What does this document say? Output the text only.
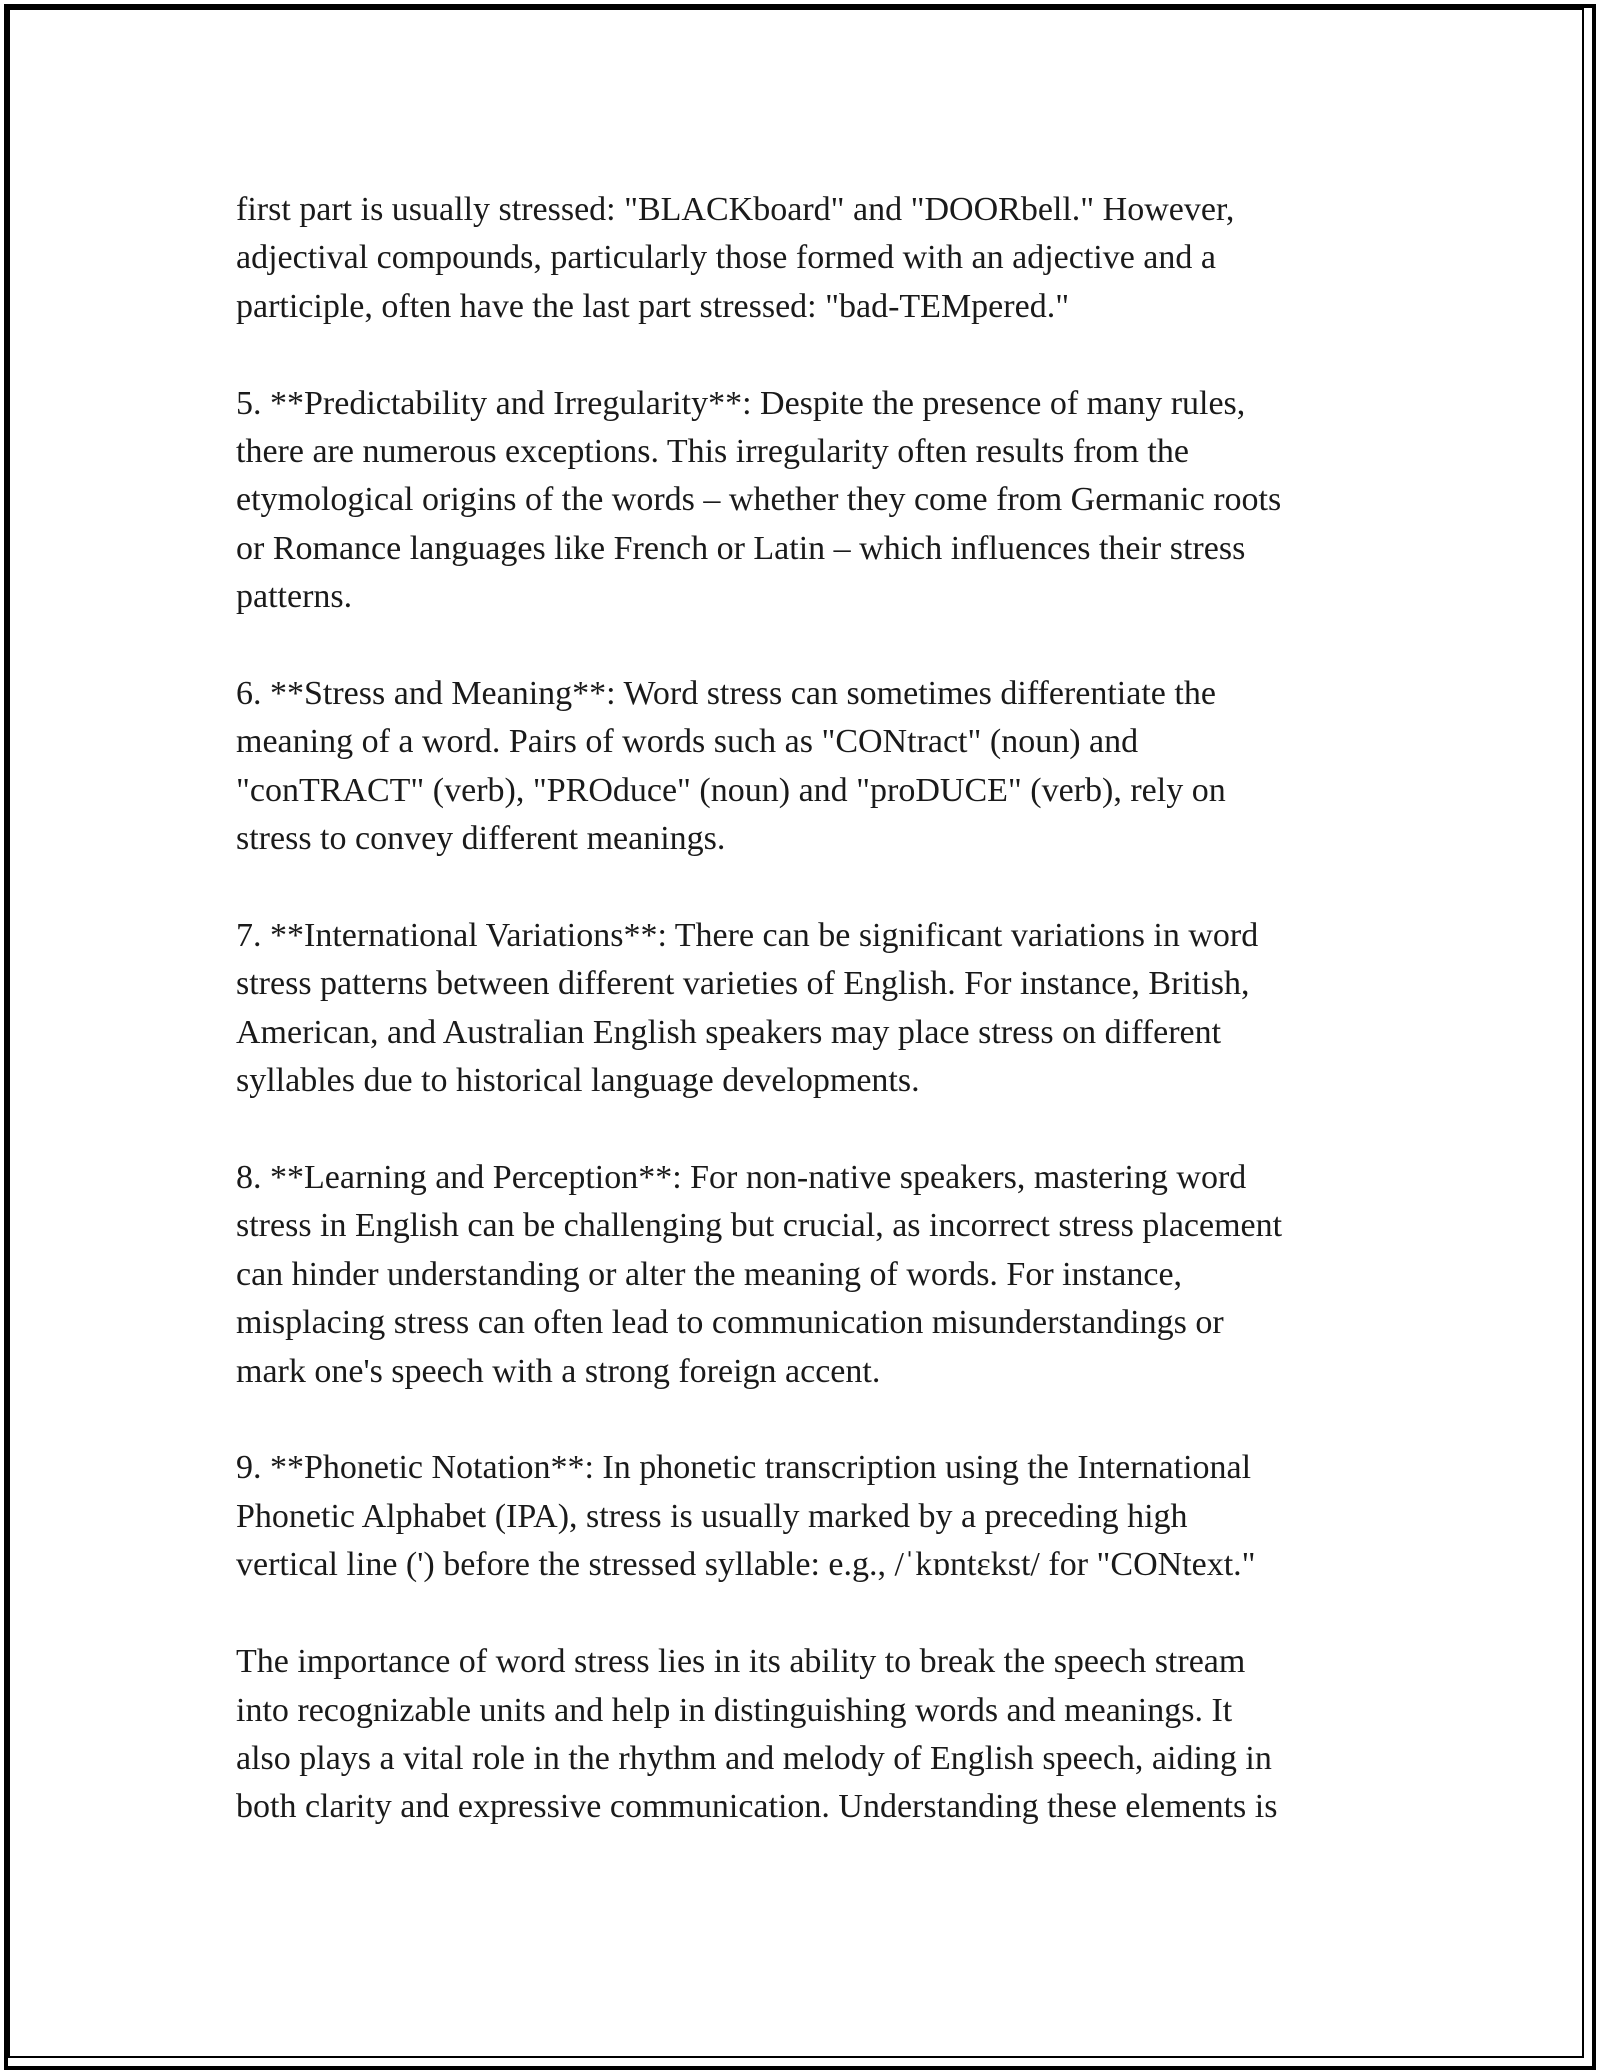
first part is usually stressed: "BLACKboard" and "DOORbell." However,
adjectival compounds, particularly those formed with an adjective and a
participle, often have the last part stressed: "bad-TEMpered."

5. **Predictability and Irregularity**: Despite the presence of many rules,
there are numerous exceptions. This irregularity often results from the
etymological origins of the words – whether they come from Germanic roots
or Romance languages like French or Latin – which influences their stress
patterns.

6. **Stress and Meaning**: Word stress can sometimes differentiate the
meaning of a word. Pairs of words such as "CONtract" (noun) and
"conTRACT" (verb), "PROduce" (noun) and "proDUCE" (verb), rely on
stress to convey different meanings.

7. **International Variations**: There can be significant variations in word
stress patterns between different varieties of English. For instance, British,
American, and Australian English speakers may place stress on different
syllables due to historical language developments.

8. **Learning and Perception**: For non-native speakers, mastering word
stress in English can be challenging but crucial, as incorrect stress placement
can hinder understanding or alter the meaning of words. For instance,
misplacing stress can often lead to communication misunderstandings or
mark one's speech with a strong foreign accent.

9. **Phonetic Notation**: In phonetic transcription using the International
Phonetic Alphabet (IPA), stress is usually marked by a preceding high
vertical line (') before the stressed syllable: e.g., /ˈkɒntɛkst/ for "CONtext."

The importance of word stress lies in its ability to break the speech stream
into recognizable units and help in distinguishing words and meanings. It
also plays a vital role in the rhythm and melody of English speech, aiding in
both clarity and expressive communication. Understanding these elements is
